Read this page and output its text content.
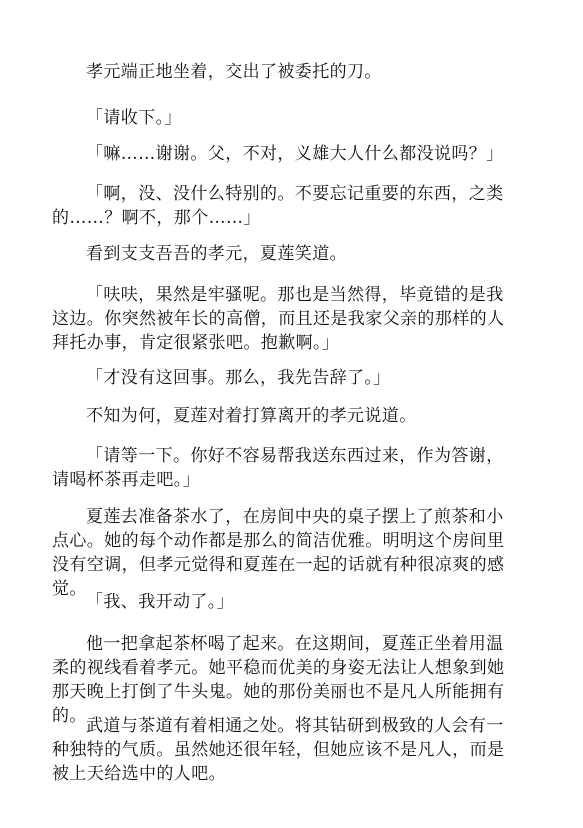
孝元端正地坐着，交出了被委托的刀。

「请收下。」

「嘛……谢谢。父，不对，义雄大人什么都没说吗？」

「啊，没、没什么特别的。不要忘记重要的东西，之类的……？啊不，那个……」

看到支支吾吾的孝元，夏莲笑道。

「呋呋，果然是牢骚呢。那也是当然得，毕竟错的是我这边。你突然被年长的高僧，而且还是我家父亲的那样的人拜托办事，肯定很紧张吧。抱歉啊。」

「才没有这回事。那么，我先告辞了。」

不知为何，夏莲对着打算离开的孝元说道。

「请等一下。你好不容易帮我送东西过来，作为答谢，请喝杯茶再走吧。」

夏莲去准备茶水了，在房间中央的桌子摆上了煎茶和小点心。她的每个动作都是那么的简洁优雅。明明这个房间里没有空调，但孝元觉得和夏莲在一起的话就有种很凉爽的感觉。

「我、我开动了。」

他一把拿起茶杯喝了起来。在这期间，夏莲正坐着用温柔的视线看着孝元。她平稳而优美的身姿无法让人想象到她那天晚上打倒了牛头鬼。她的那份美丽也不是凡人所能拥有的。 武道与茶道有着相通之处。将其钻研到极致的人会有一种独特的气质。虽然她还很年轻，但她应该不是凡人，而是被上天给选中的人吧。
